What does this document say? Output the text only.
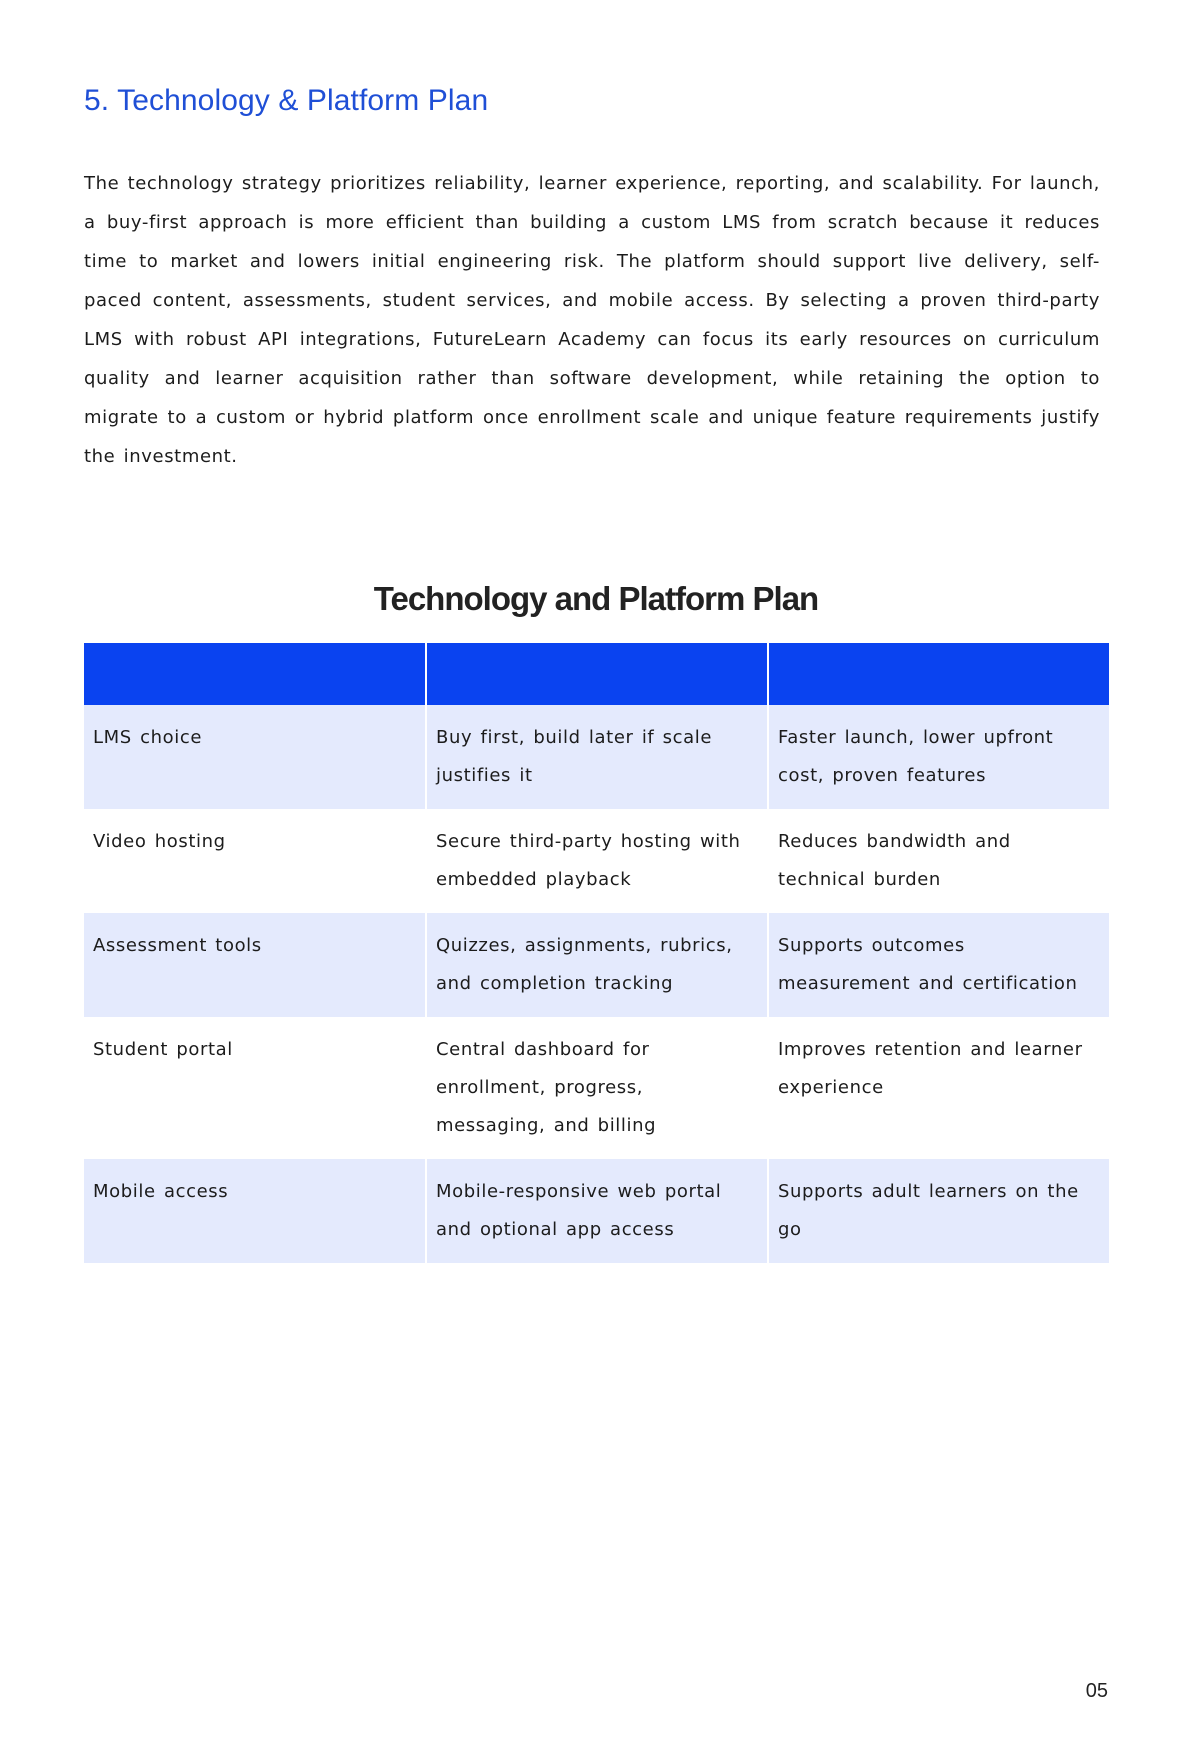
5. Technology & Platform Plan

The technology strategy prioritizes reliability, learner experience, reporting, and scalability. For launch, a buy-first approach is more efficient than building a custom LMS from scratch because it reduces time to market and lowers initial engineering risk. The platform should support live delivery, self-paced content, assessments, student services, and mobile access. By selecting a proven third-party LMS with robust API integrations, FutureLearn Academy can focus its early resources on curriculum quality and learner acquisition rather than software development, while retaining the option to migrate to a custom or hybrid platform once enrollment scale and unique feature requirements justify the investment.

Technology and Platform Plan

LMS choice	Buy first, build later if scale justifies it	Faster launch, lower upfront cost, proven features
Video hosting	Secure third-party hosting with embedded playback	Reduces bandwidth and technical burden
Assessment tools	Quizzes, assignments, rubrics, and completion tracking	Supports outcomes measurement and certification
Student portal	Central dashboard for enrollment, progress, messaging, and billing	Improves retention and learner experience
Mobile access	Mobile-responsive web portal and optional app access	Supports adult learners on the go
05
